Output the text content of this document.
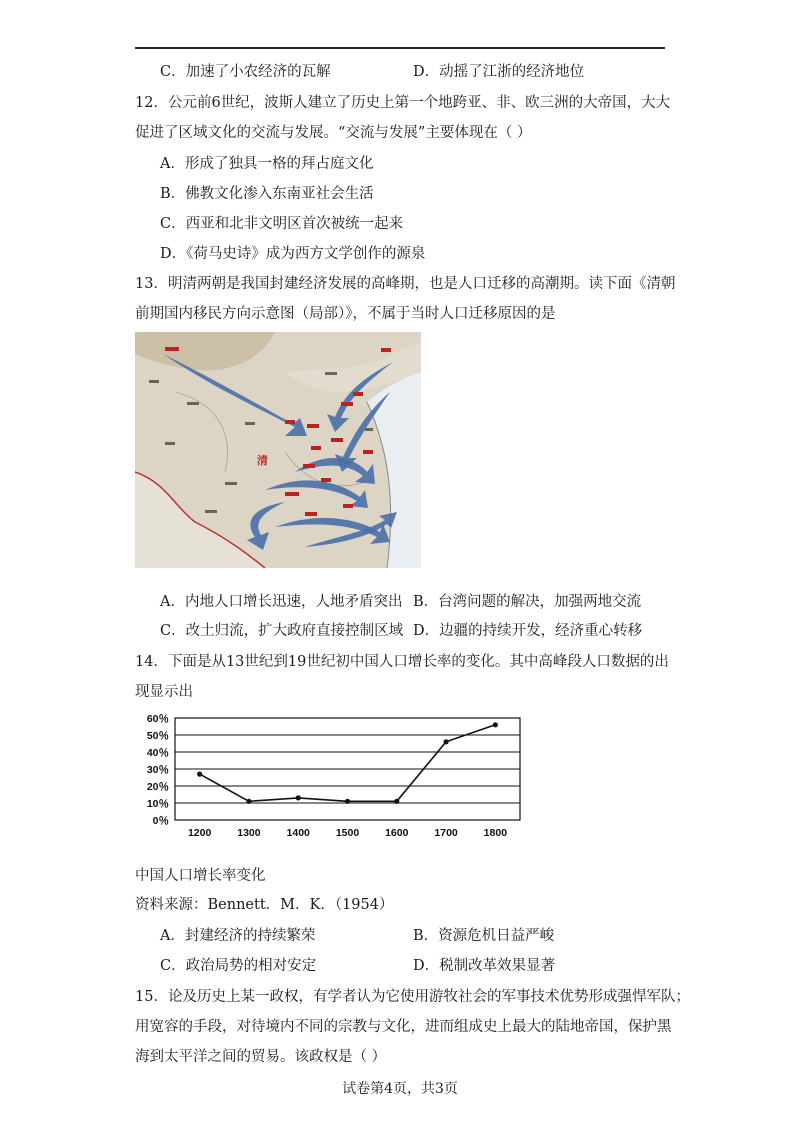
C．加速了小农经济的瓦解	D．动摇了江浙的经济地位
12．公元前6世纪，波斯人建立了历史上第一个地跨亚、非、欧三洲的大帝国，大大
促进了区域文化的交流与发展。“交流与发展”主要体现在（ ）
A．形成了独具一格的拜占庭文化
B．佛教文化渗入东南亚社会生活
C．西亚和北非文明区首次被统一起来
D．《荷马史诗》成为西方文学创作的源泉
13．明清两朝是我国封建经济发展的高峰期，也是人口迁移的高潮期。读下面《清朝
前期国内移民方向示意图（局部）》，不属于当时人口迁移原因的是
清
A．内地人口增长迅速，人地矛盾突出 B．台湾问题的解决，加强两地交流
C．改土归流，扩大政府直接控制区域 D．边疆的持续开发，经济重心转移
14．下面是从13世纪到19世纪初中国人口增长率的变化。其中高峰段人口数据的出
现显示出
60％
50％
40％
30％
20％
10％
0％
1200 1300 1400 1500 1600 1700 1800
中国人口增长率变化
资料来源：Bennett．M．K．（1954）
A．封建经济的持续繁荣	B．资源危机日益严峻
C．政治局势的相对安定	D．税制改革效果显著
15．论及历史上某一政权，有学者认为它使用游牧社会的军事技术优势形成强悍军队；
用宽容的手段，对待境内不同的宗教与文化，进而组成史上最大的陆地帝国，保护黑
海到太平洋之间的贸易。该政权是（ ）
试卷第4页，共3页
